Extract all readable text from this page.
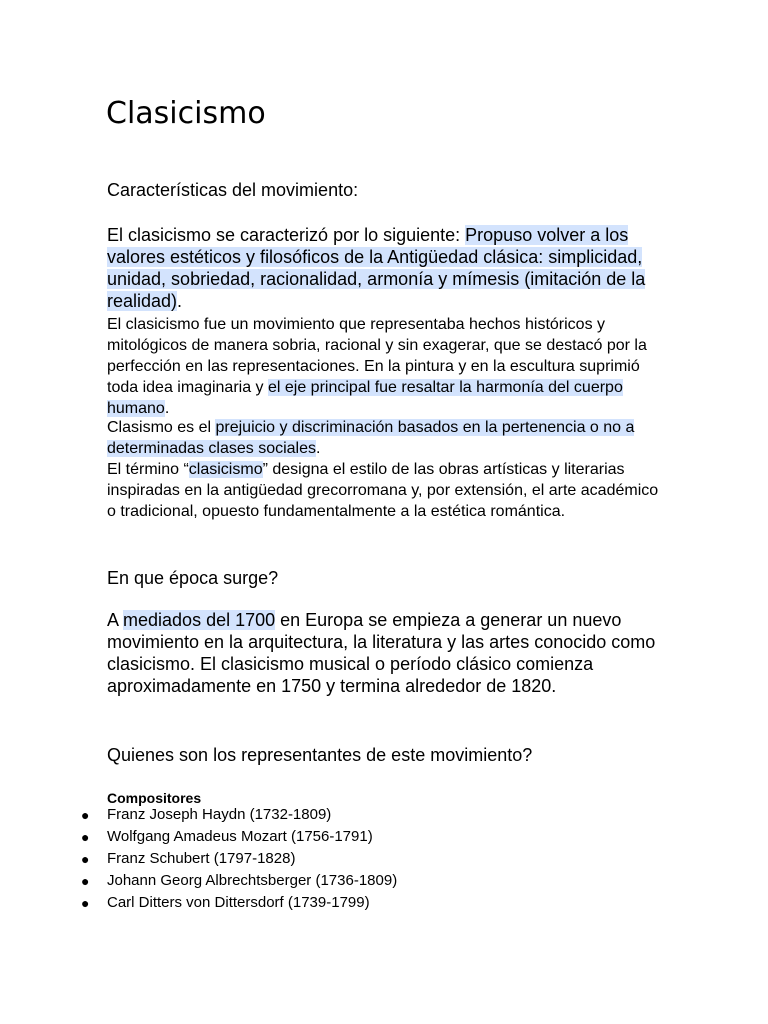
Clasicismo
Características del movimiento:

El clasicismo se caracterizó por lo siguiente: Propuso volver a los valores estéticos y filosóficos de la Antigüedad clásica: simplicidad, unidad, sobriedad, racionalidad, armonía y mímesis (imitación de la realidad).

El clasicismo fue un movimiento que representaba hechos históricos y mitológicos de manera sobria, racional y sin exagerar, que se destacó por la perfección en las representaciones. En la pintura y en la escultura suprimió toda idea imaginaria y el eje principal fue resaltar la harmonía del cuerpo humano.

Clasismo es el prejuicio y discriminación basados en la pertenencia o no a determinadas clases sociales.

El término “clasicismo” designa el estilo de las obras artísticas y literarias inspiradas en la antigüedad grecorromana y, por extensión, el arte académico o tradicional, opuesto fundamentalmente a la estética romántica.

En que época surge?

A mediados del 1700 en Europa se empieza a generar un nuevo movimiento en la arquitectura, la literatura y las artes conocido como clasicismo. El clasicismo musical o período clásico comienza aproximadamente en 1750 y termina alrededor de 1820.

Quienes son los representantes de este movimiento?

Compositores

● Franz Joseph Haydn (1732-1809)
● Wolfgang Amadeus Mozart (1756-1791)
● Franz Schubert (1797-1828)
● Johann Georg Albrechtsberger (1736-1809)
● Carl Ditters von Dittersdorf (1739-1799)
